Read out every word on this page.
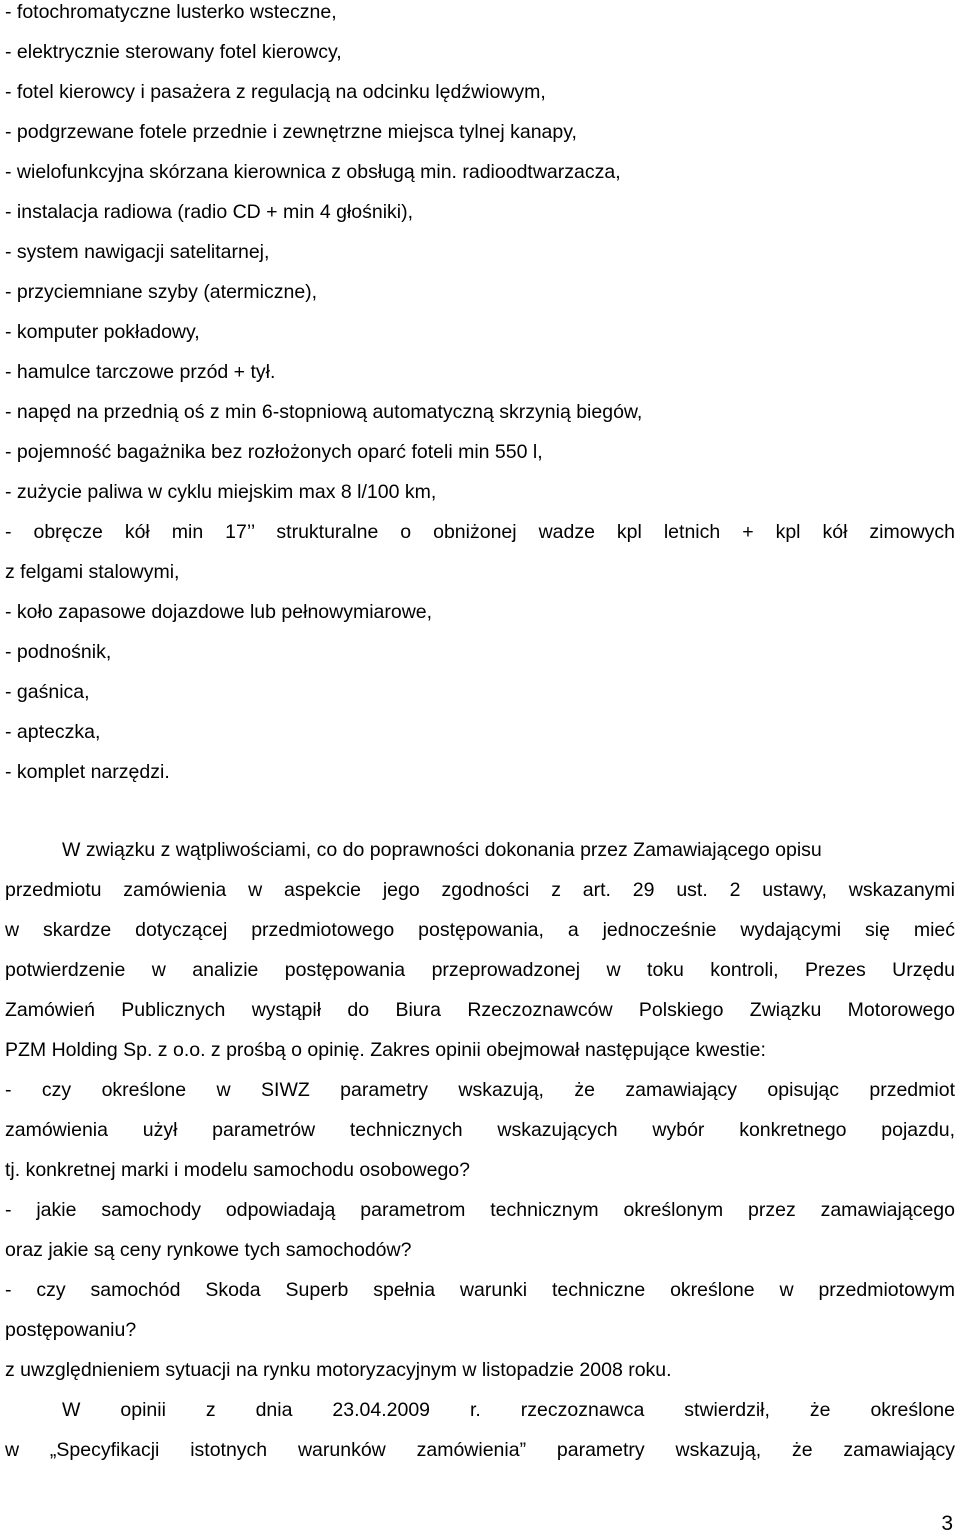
- fotochromatyczne lusterko wsteczne,
- elektrycznie sterowany fotel kierowcy,
- fotel kierowcy i pasażera z regulacją na odcinku lędźwiowym,
- podgrzewane fotele przednie i zewnętrzne miejsca tylnej kanapy,
- wielofunkcyjna skórzana kierownica z obsługą min. radioodtwarzacza,
- instalacja radiowa (radio CD + min 4 głośniki),
- system nawigacji satelitarnej,
- przyciemniane szyby (atermiczne),
- komputer pokładowy,
- hamulce tarczowe przód + tył.
- napęd na przednią oś z min 6-stopniową automatyczną skrzynią biegów,
- pojemność bagażnika bez rozłożonych oparć foteli min 550 l,
- zużycie paliwa w cyklu miejskim max 8 l/100 km,
- obręcze kół min 17’’ strukturalne o obniżonej wadze kpl letnich + kpl kół zimowych
z felgami stalowymi,
- koło zapasowe dojazdowe lub pełnowymiarowe,
- podnośnik,
- gaśnica,
- apteczka,
- komplet narzędzi.
W związku z wątpliwościami, co do poprawności dokonania przez Zamawiającego opisu
przedmiotu zamówienia w aspekcie jego zgodności z art. 29 ust. 2 ustawy, wskazanymi
w skardze dotyczącej przedmiotowego postępowania, a jednocześnie wydającymi się mieć
potwierdzenie w analizie postępowania przeprowadzonej w toku kontroli, Prezes Urzędu
Zamówień Publicznych wystąpił do Biura Rzeczoznawców Polskiego Związku Motorowego
PZM Holding Sp. z o.o. z prośbą o opinię. Zakres opinii obejmował następujące kwestie:
- czy określone w SIWZ parametry wskazują, że zamawiający opisując przedmiot
zamówienia użył parametrów technicznych wskazujących wybór konkretnego pojazdu,
tj. konkretnej marki i modelu samochodu osobowego?
- jakie samochody odpowiadają parametrom technicznym określonym przez zamawiającego
oraz jakie są ceny rynkowe tych samochodów?
- czy samochód Skoda Superb spełnia warunki techniczne określone w przedmiotowym
postępowaniu?
z uwzględnieniem sytuacji na rynku motoryzacyjnym w listopadzie 2008 roku.
W opinii z dnia 23.04.2009 r. rzeczoznawca stwierdził, że określone
w „Specyfikacji istotnych warunków zamówienia” parametry wskazują, że zamawiający
3
